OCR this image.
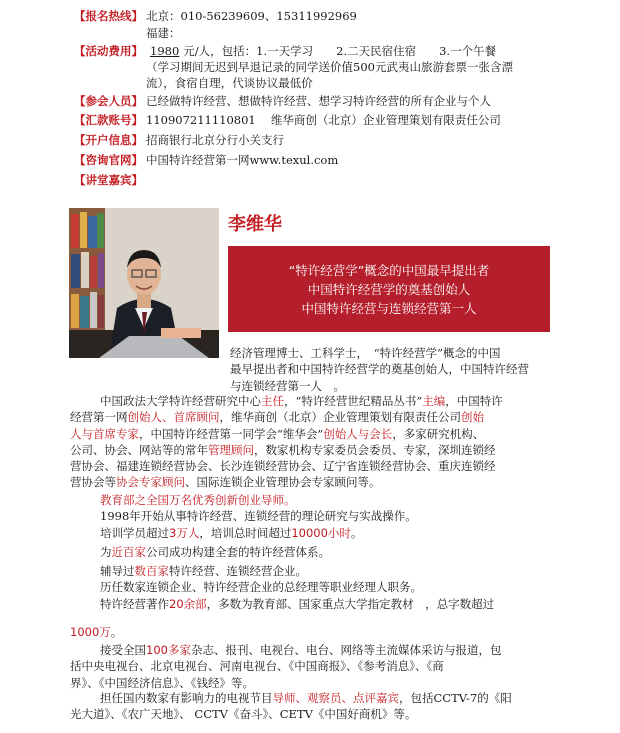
【报名热线】 北京：010-56239609、15311992969
福建：
【活动费用】 1980 元/人，包括：1.一天学习　　2.二天民宿住宿　　3.一个午餐
（学习期间无迟到早退记录的同学送价值500元武夷山旅游套票一张含漂
流），食宿自理，代谈协议最低价
【参会人员】 已经做特许经营、想做特许经营、想学习特许经营的所有企业与个人
【汇款账号】 110907211110801　 维华商创（北京）企业管理策划有限责任公司
【开户信息】 招商银行北京分行小关支行
【咨询官网】 中国特许经营第一网www.texul.com
【讲堂嘉宾】
李维华
“特许经营学”概念的中国最早提出者
中国特许经营学的奠基创始人
中国特许经营与连锁经营第一人
经济管理博士、工科学士，　“特许经营学”概念的中国
最早提出者和中国特许经营学的奠基创始人，中国特许经营
与连锁经营第一人　。
中国政法大学特许经营研究中心主任，“特许经营世纪精品丛书”主编，中国特许
经营第一网创始人、首席顾问，维华商创（北京）企业管理策划有限责任公司创始
人与首席专家，中国特许经营第一同学会“维华会”创始人与会长，多家研究机构、
公司、协会、网站等的常年管理顾问，数家机构专家委员会委员、专家，深圳连锁经
营协会、福建连锁经营协会、长沙连锁经营协会、辽宁省连锁经营协会、重庆连锁经
营协会等协会专家顾问、国际连锁企业管理协会专家顾问等。
教育部之全国万名优秀创新创业导师。
1998年开始从事特许经营、连锁经营的理论研究与实战操作。
培训学员超过3万人，培训总时间超过10000小时。
为近百家公司成功构建全套的特许经营体系。
辅导过数百家特许经营、连锁经营企业。
历任数家连锁企业、特许经营企业的总经理等职业经理人职务。
特许经营著作20余部，多数为教育部、国家重点大学指定教材　，总字数超过
1000万。
接受全国100多家杂志、报刊、电视台、电台、网络等主流媒体采访与报道，包
括中央电视台、北京电视台、河南电视台、《中国商报》、《参考消息》、《商
界》、《中国经济信息》、《钱经》等。
担任国内数家有影响力的电视节目导师、观察员、点评嘉宾，包括CCTV-7的《阳
光大道》、《农广天地》、 CCTV《奋斗》、CETV《中国好商机》等。
